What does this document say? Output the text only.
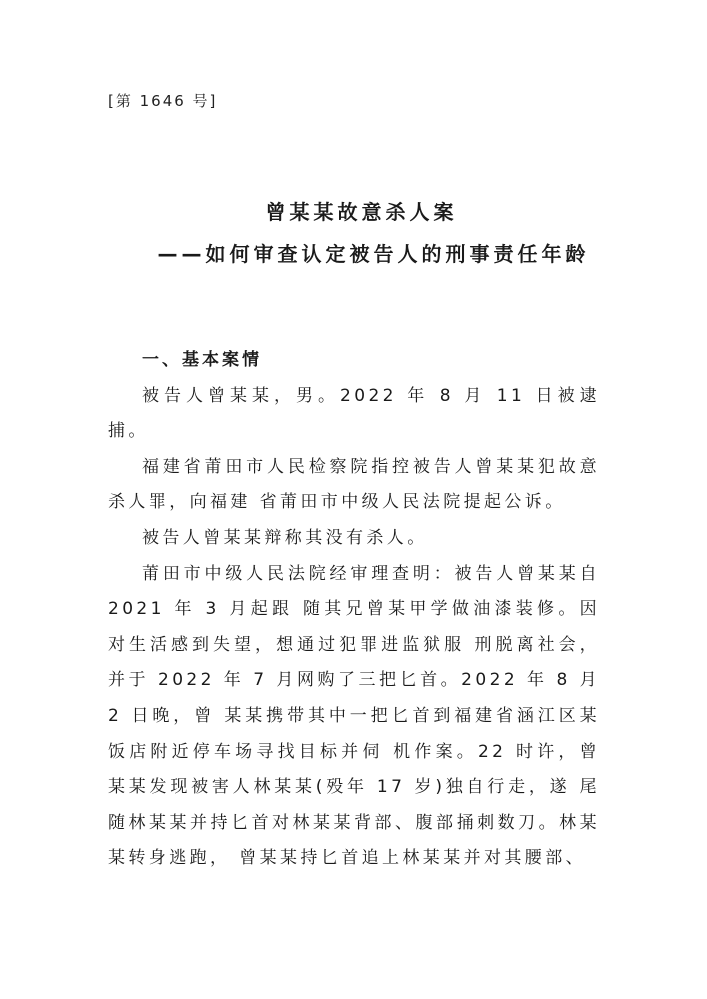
[第 1646 号]
曾某某故意杀人案
——如何审查认定被告人的刑事责任年龄

一、基本案情

被告人曾某某，男。2022 年 8 月 11 日被逮捕。

福建省莆田市人民检察院指控被告人曾某某犯故意杀人罪，向福建 省莆田市中级人民法院提起公诉。

被告人曾某某辩称其没有杀人。

莆田市中级人民法院经审理查明：被告人曾某某自 2021 年 3 月起跟 随其兄曾某甲学做油漆装修。因对生活感到失望，想通过犯罪进监狱服 刑脱离社会，并于 2022 年 7 月网购了三把匕首。2022 年 8 月 2 日晚，曾 某某携带其中一把匕首到福建省涵江区某饭店附近停车场寻找目标并伺 机作案。22 时许，曾某某发现被害人林某某(殁年 17 岁)独自行走，遂 尾随林某某并持匕首对林某某背部、腹部捅刺数刀。林某某转身逃跑， 曾某某持匕首追上林某某并对其腰部、
